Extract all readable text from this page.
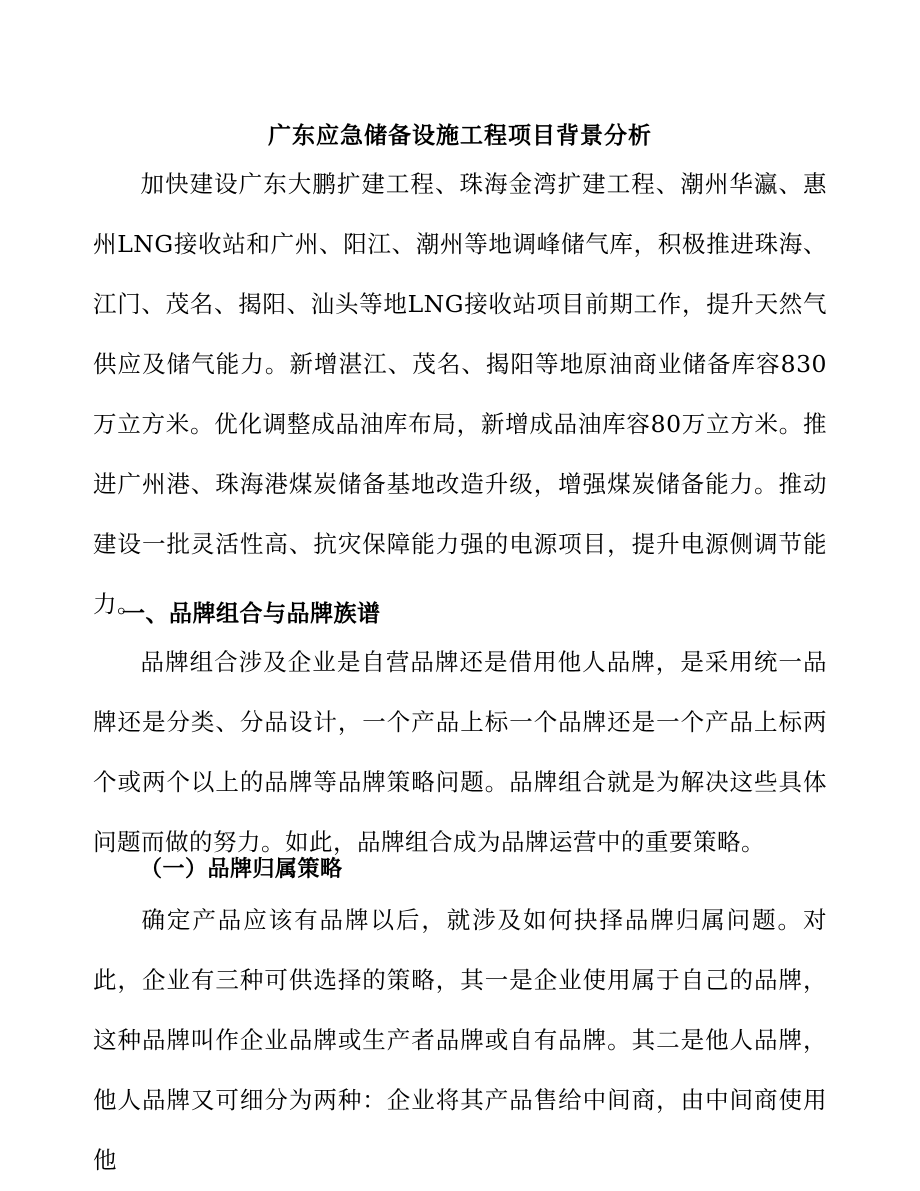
广东应急储备设施工程项目背景分析

加快建设广东大鹏扩建工程、珠海金湾扩建工程、潮州华瀛、惠州LNG接收站和广州、阳江、潮州等地调峰储气库，积极推进珠海、江门、茂名、揭阳、汕头等地LNG接收站项目前期工作，提升天然气供应及储气能力。新增湛江、茂名、揭阳等地原油商业储备库容830万立方米。优化调整成品油库布局，新增成品油库容80万立方米。推进广州港、珠海港煤炭储备基地改造升级，增强煤炭储备能力。推动建设一批灵活性高、抗灾保障能力强的电源项目，提升电源侧调节能力。

一、品牌组合与品牌族谱

品牌组合涉及企业是自营品牌还是借用他人品牌，是采用统一品牌还是分类、分品设计，一个产品上标一个品牌还是一个产品上标两个或两个以上的品牌等品牌策略问题。品牌组合就是为解决这些具体问题而做的努力。如此，品牌组合成为品牌运营中的重要策略。

（一）品牌归属策略

确定产品应该有品牌以后，就涉及如何抉择品牌归属问题。对此，企业有三种可供选择的策略，其一是企业使用属于自己的品牌，这种品牌叫作企业品牌或生产者品牌或自有品牌。其二是他人品牌，他人品牌又可细分为两种：企业将其产品售给中间商，由中间商使用他
